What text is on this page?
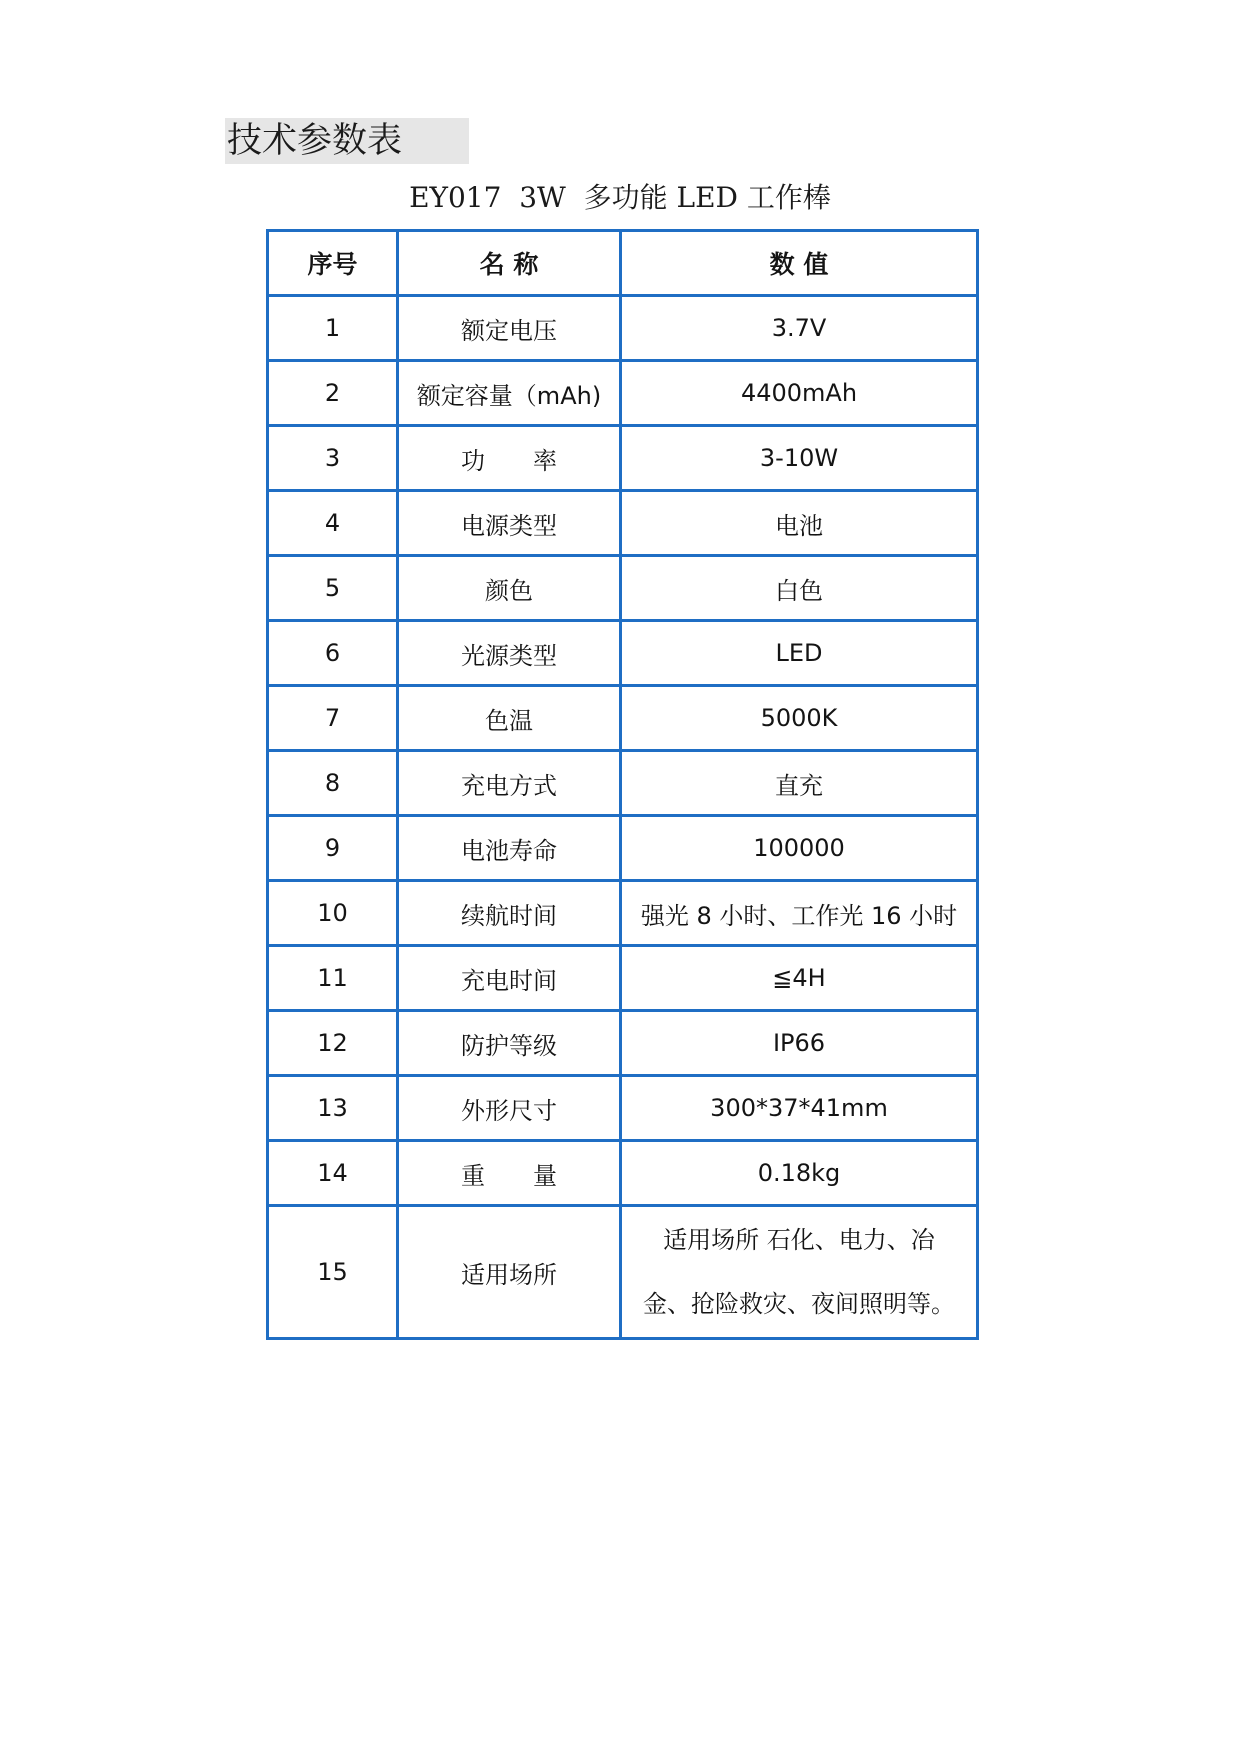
技术参数表
EY017  3W  多功能 LED 工作棒
序号	名 称	数 值
1	额定电压	3.7V
2	额定容量（mAh)	4400mAh
3	功　　率	3-10W
4	电源类型	电池
5	颜色	白色
6	光源类型	LED
7	色温	5000K
8	充电方式	直充
9	电池寿命	100000
10	续航时间	强光 8 小时、工作光 16 小时
11	充电时间	≦4H
12	防护等级	IP66
13	外形尺寸	300*37*41mm
14	重　　量	0.18kg
15	适用场所	适用场所 石化、电力、冶
金、抢险救灾、夜间照明等。
